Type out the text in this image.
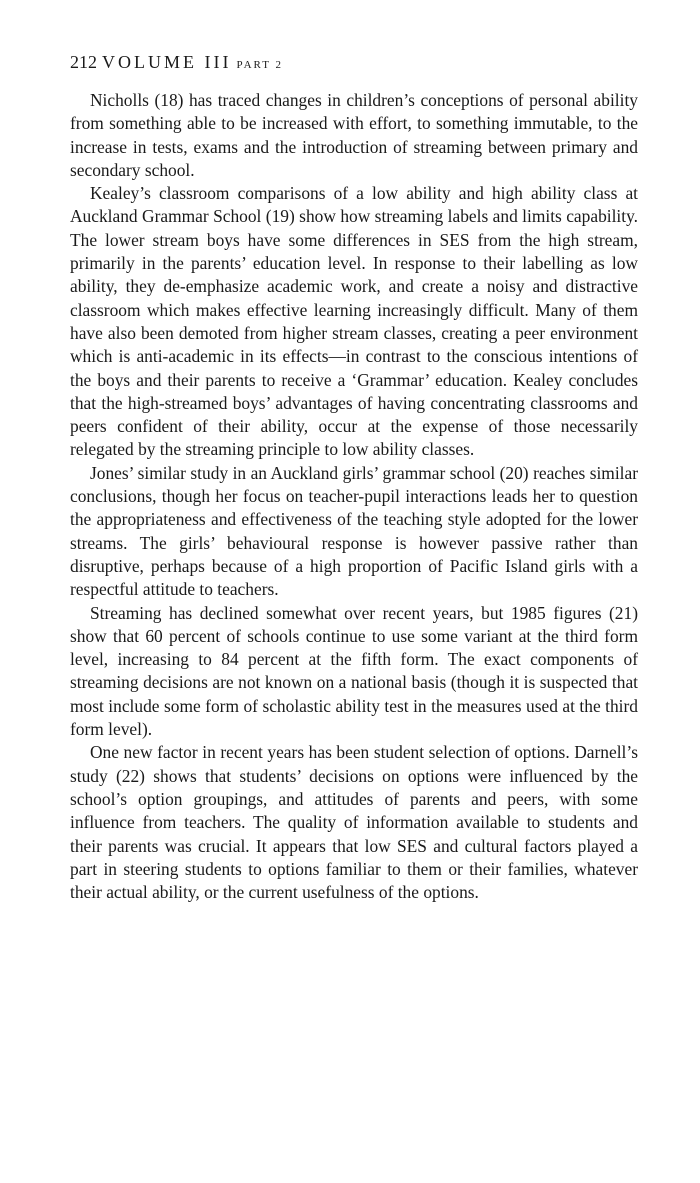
212 VOLUME III PART 2

Nicholls (18) has traced changes in children’s conceptions of personal ability from something able to be increased with effort, to something immutable, to the increase in tests, exams and the introduction of streaming between primary and secondary school.

Kealey’s classroom comparisons of a low ability and high ability class at Auckland Grammar School (19) show how streaming labels and limits capability. The lower stream boys have some differences in SES from the high stream, primarily in the parents’ education level. In response to their labelling as low ability, they de-emphasize academic work, and create a noisy and distractive classroom which makes effective learning increasingly difficult. Many of them have also been demoted from higher stream classes, creating a peer environment which is anti-academic in its effects—in contrast to the conscious intentions of the boys and their parents to receive a ‘Grammar’ education. Kealey concludes that the high-streamed boys’ advantages of having concentrating classrooms and peers confident of their ability, occur at the expense of those necessarily relegated by the streaming principle to low ability classes.

Jones’ similar study in an Auckland girls’ grammar school (20) reaches similar conclusions, though her focus on teacher-pupil interactions leads her to question the appropriateness and effectiveness of the teaching style adopted for the lower streams. The girls’ behavioural response is however passive rather than disruptive, perhaps because of a high proportion of Pacific Island girls with a respectful attitude to teachers.

Streaming has declined somewhat over recent years, but 1985 figures (21) show that 60 percent of schools continue to use some variant at the third form level, increasing to 84 percent at the fifth form. The exact components of streaming decisions are not known on a national basis (though it is suspected that most include some form of scholastic ability test in the measures used at the third form level).

One new factor in recent years has been student selection of options. Darnell’s study (22) shows that students’ decisions on options were influenced by the school’s option groupings, and attitudes of parents and peers, with some influence from teachers. The quality of information available to students and their parents was crucial. It appears that low SES and cultural factors played a part in steering students to options familiar to them or their families, whatever their actual ability, or the current usefulness of the options.
